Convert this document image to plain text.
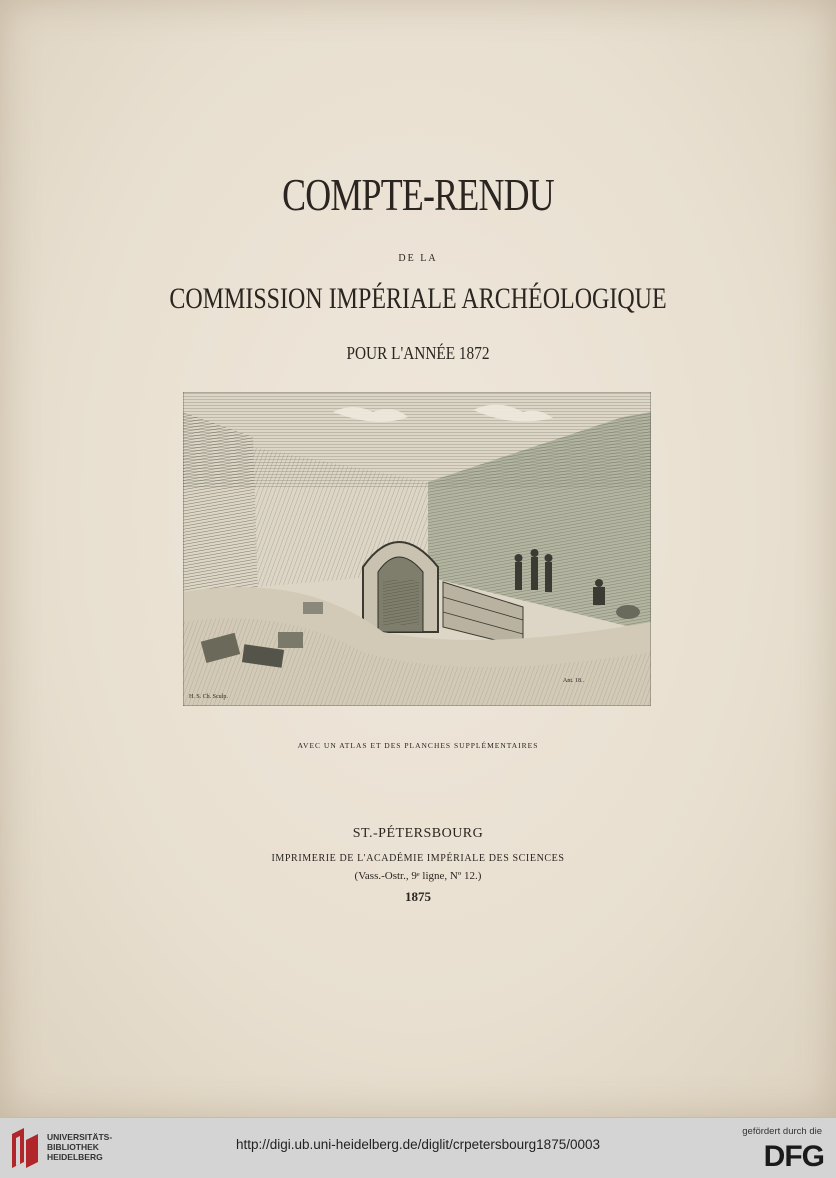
COMPTE-RENDU
DE LA
COMMISSION IMPÉRIALE ARCHÉOLOGIQUE
POUR L'ANNÉE 1872
H. S. Ch. Sculp.
Ant. 18..
AVEC UN ATLAS ET DES PLANCHES SUPPLÉMENTAIRES
ST.-PÉTERSBOURG
IMPRIMERIE DE L'ACADÉMIE IMPÉRIALE DES SCIENCES
(Vass.-Ostr., 9ᵉ ligne, Nº 12.)
1875
UNIVERSITÄTS-
BIBLIOTHEK
HEIDELBERG
http://digi.ub.uni-heidelberg.de/diglit/crpetersbourg1875/0003
gefördert durch die
DFG
